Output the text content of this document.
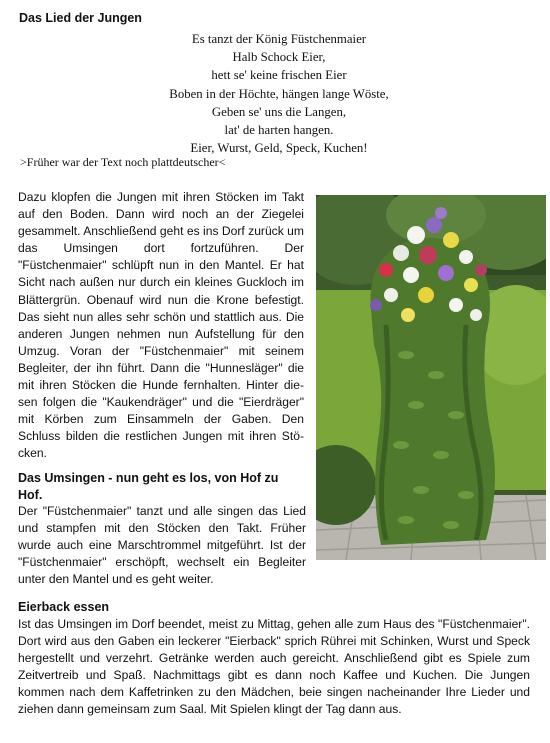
Das Lied der Jungen
Es tanzt der König Füstchenmaier
Halb Schock Eier,
hett se' keine frischen Eier
Boben in der Höchte, hängen lange Wöste,
Geben se' uns die Langen,
lat' de harten hangen.
Eier, Wurst, Geld, Speck, Kuchen!
>Früher war der Text noch plattdeutscher<

Dazu klopfen die Jungen mit ihren Stöcken im Takt auf den Boden. Dann wird noch an der Ziegelei gesammelt. Anschließend geht es ins Dorf zurück um das Umsingen dort fortzuführen. Der "Füstchenmaier" schlüpft nun in den Mantel. Er hat Sicht nach außen nur durch ein kleines Guckloch im Blättergrün. Obenauf wird nun die Krone befestigt. Das sieht nun alles sehr schön und stattlich aus. Die anderen Jungen nehmen nun Aufstellung für den Umzug. Voran der "Füstchenmaier" mit seinem Begleiter, der ihn führt. Dann die "Hunnesläger" die mit ihren Stöcken die Hunde fernhalten. Hinter die-sen folgen die "Kaukendräger" und die "Eierdräger" mit Körben zum Einsammeln der Gaben. Den Schluss bilden die restlichen Jungen mit ihren Stö-cken.

Das Umsingen - nun geht es los, von Hof zu Hof.

Der "Füstchenmaier" tanzt und alle singen das Lied und stampfen mit den Stöcken den Takt. Früher wurde auch eine Marschtrommel mitgeführt. Ist der "Füstchenmaier" erschöpft, wechselt ein Begleiter unter den Mantel und es geht weiter.

Eierback essen

Ist das Umsingen im Dorf beendet, meist zu Mittag, gehen alle zum Haus des "Füstchenmaier". Dort wird aus den Gaben ein leckerer "Eierback" sprich Rührei mit Schinken, Wurst und Speck hergestellt und verzehrt. Getränke werden auch gereicht. Anschließend gibt es Spiele zum Zeitvertreib und Spaß. Nachmittags gibt es dann noch Kaffee und Kuchen. Die Jungen kommen nach dem Kaffetrinken zu den Mädchen, beie singen nacheinander Ihre Lieder und ziehen dann gemeinsam zum Saal. Mit Spielen klingt der Tag dann aus.
